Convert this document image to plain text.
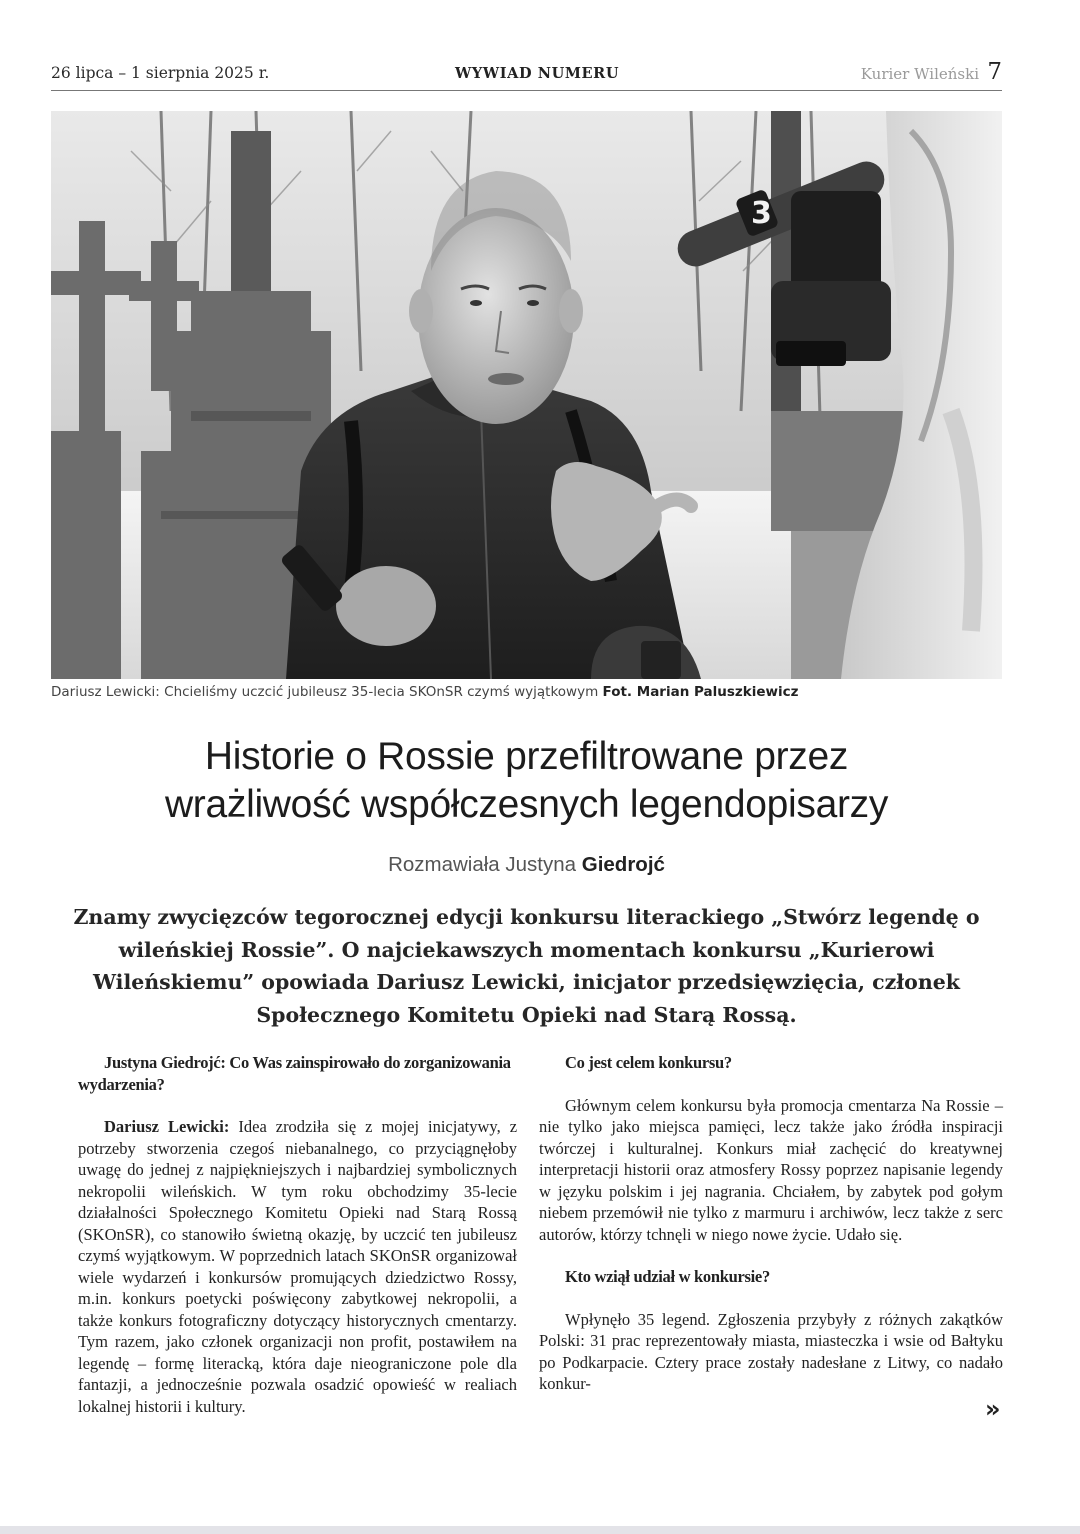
26 lipca – 1 sierpnia 2025 r.	WYWIAD NUMERU	Kurier Wileński 7
3
Dariusz Lewicki: Chcieliśmy uczcić jubileusz 35-lecia SKOnSR czymś wyjątkowym Fot. Marian Paluszkiewicz
Historie o Rossie przefiltrowane przez
wrażliwość współczesnych legendopisarzy
Rozmawiała Justyna Giedrojć

Znamy zwycięzców tegorocznej edycji konkursu literackiego „Stwórz legendę o wileńskiej Rossie”. O najciekawszych momentach konkursu „Kurierowi Wileńskiemu” opowiada Dariusz Lewicki, inicjator przedsięwzięcia, członek Społecznego Komitetu Opieki nad Starą Rossą.

Justyna Giedrojć: Co Was zainspirowało do zorganizowania wydarzenia?

Dariusz Lewicki: Idea zrodziła się z mojej inicjatywy, z potrzeby stworzenia czegoś niebanalnego, co przyciągnęłoby uwagę do jednej z najpiękniejszych i najbardziej symbolicznych nekropolii wileńskich. W tym roku obchodzimy 35-lecie działalności Społecznego Komitetu Opieki nad Starą Rossą (SKOnSR), co stanowiło świetną okazję, by uczcić ten jubileusz czymś wyjątkowym. W poprzednich latach SKOnSR organizował wiele wydarzeń i konkursów promujących dziedzictwo Rossy, m.in. konkurs poetycki poświęcony zabytkowej nekropolii, a także konkurs fotograficzny dotyczący historycznych cmentarzy. Tym razem, jako członek organizacji non profit, postawiłem na legendę – formę literacką, która daje nieograniczone pole dla fantazji, a jednocześnie pozwala osadzić opowieść w realiach lokalnej historii i kultury.

Co jest celem konkursu?

Głównym celem konkursu była promocja cmentarza Na Rossie – nie tylko jako miejsca pamięci, lecz także jako źródła inspiracji twórczej i kulturalnej. Konkurs miał zachęcić do kreatywnej interpretacji historii oraz atmosfery Rossy poprzez napisanie legendy w języku polskim i jej nagrania. Chciałem, by zabytek pod gołym niebem przemówił nie tylko z marmuru i archiwów, lecz także z serc autorów, którzy tchnęli w niego nowe życie. Udało się.

Kto wziął udział w konkursie?

Wpłynęło 35 legend. Zgłoszenia przybyły z różnych zakątków Polski: 31 prac reprezentowały miasta, miasteczka i wsie od Bałtyku po Podkarpacie. Cztery prace zostały nadesłane z Litwy, co nadało konkur-

»
